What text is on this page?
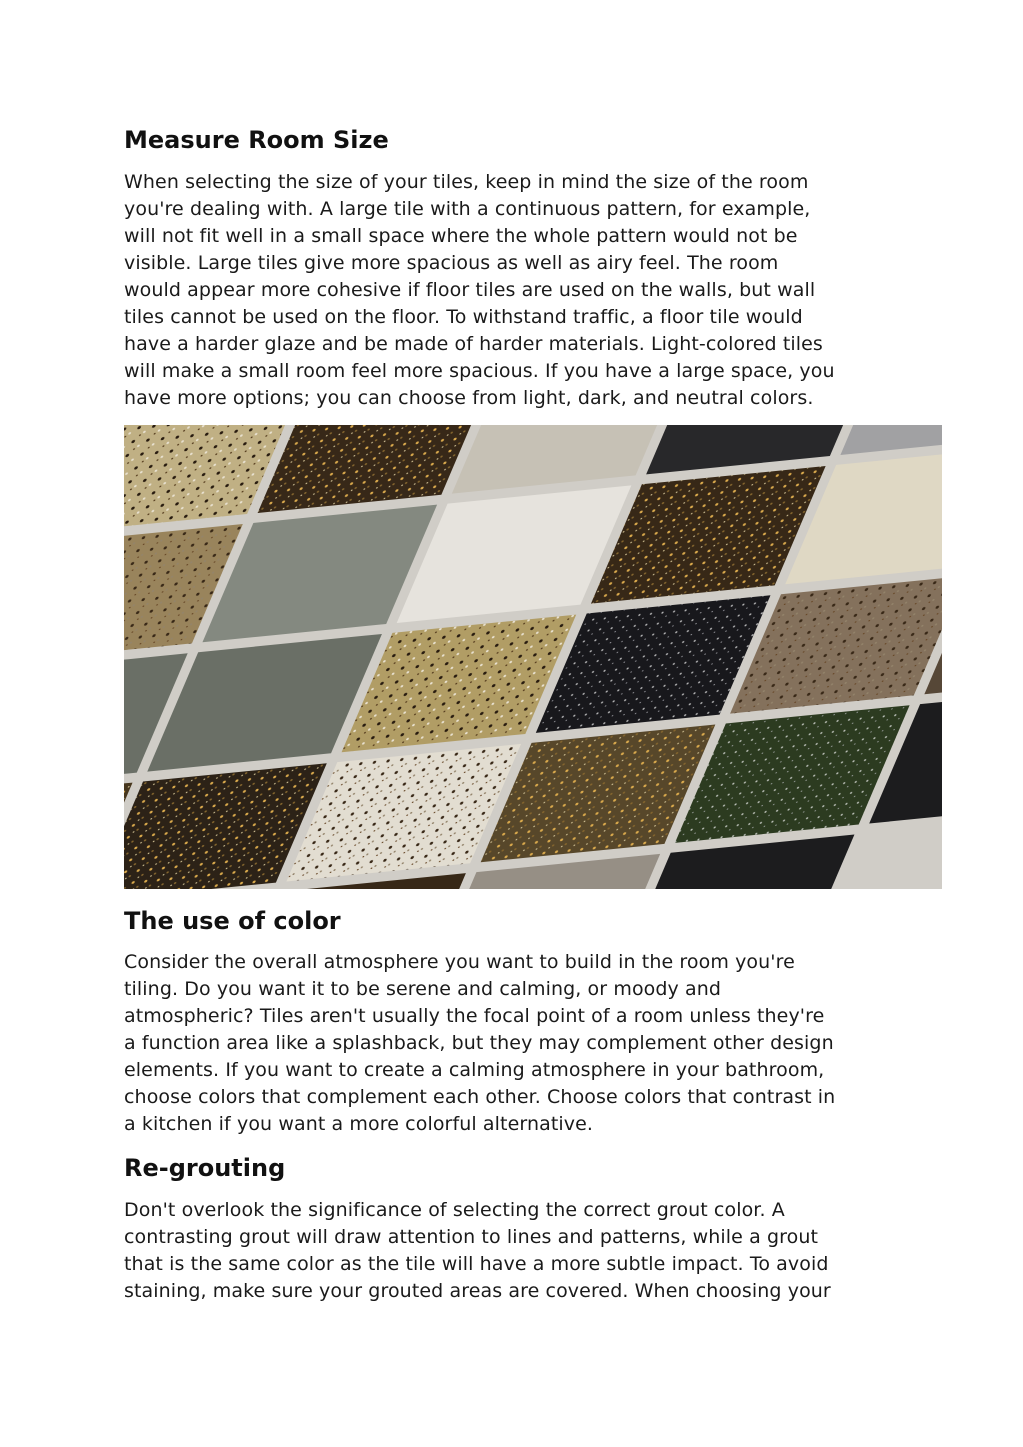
Measure Room Size

When selecting the size of your tiles, keep in mind the size of the room
you're dealing with. A large tile with a continuous pattern, for example,
will not fit well in a small space where the whole pattern would not be
visible. Large tiles give more spacious as well as airy feel. The room
would appear more cohesive if floor tiles are used on the walls, but wall
tiles cannot be used on the floor. To withstand traffic, a floor tile would
have a harder glaze and be made of harder materials. Light-colored tiles
will make a small room feel more spacious. If you have a large space, you
have more options; you can choose from light, dark, and neutral colors.

The use of color

Consider the overall atmosphere you want to build in the room you're
tiling. Do you want it to be serene and calming, or moody and
atmospheric? Tiles aren't usually the focal point of a room unless they're
a function area like a splashback, but they may complement other design
elements. If you want to create a calming atmosphere in your bathroom,
choose colors that complement each other. Choose colors that contrast in
a kitchen if you want a more colorful alternative.

Re-grouting

Don't overlook the significance of selecting the correct grout color. A
contrasting grout will draw attention to lines and patterns, while a grout
that is the same color as the tile will have a more subtle impact. To avoid
staining, make sure your grouted areas are covered. When choosing your
